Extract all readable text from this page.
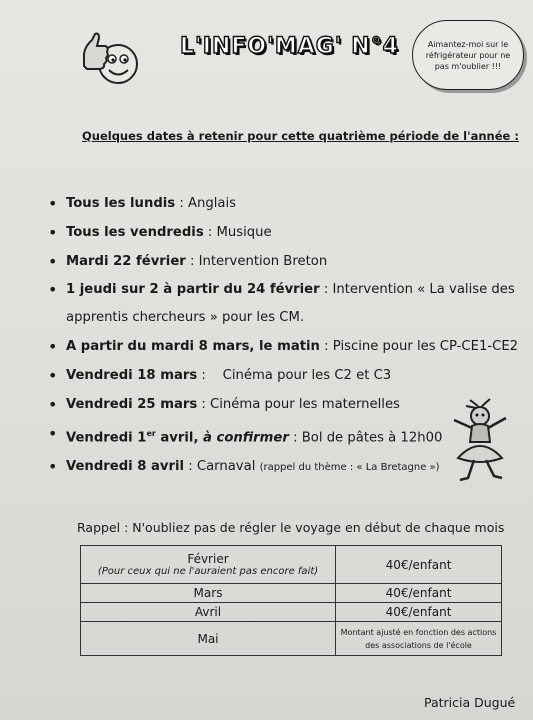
L'INFO'MAG' N°4	Aimantez-moi sur le réfrigérateur pour ne pas m'oublier !!!
Quelques dates à retenir pour cette quatrième période de l'année :
• Tous les lundis : Anglais
• Tous les vendredis : Musique
• Mardi 22 février : Intervention Breton
• 1 jeudi sur 2 à partir du 24 février : Intervention « La valise des apprentis chercheurs » pour les CM.
• A partir du mardi 8 mars, le matin : Piscine pour les CP-CE1-CE2
• Vendredi 18 mars :    Cinéma pour les C2 et C3
• Vendredi 25 mars : Cinéma pour les maternelles
• Vendredi 1er avril, à confirmer : Bol de pâtes à 12h00
• Vendredi 8 avril : Carnaval (rappel du thème : « La Bretagne »)
Rappel : N'oubliez pas de régler le voyage en début de chaque mois
Février
(Pour ceux qui ne l'auraient pas encore fait)	40€/enfant
Mars	40€/enfant
Avril	40€/enfant
Mai	Montant ajusté en fonction des actions des associations de l'école
Patricia Dugué
